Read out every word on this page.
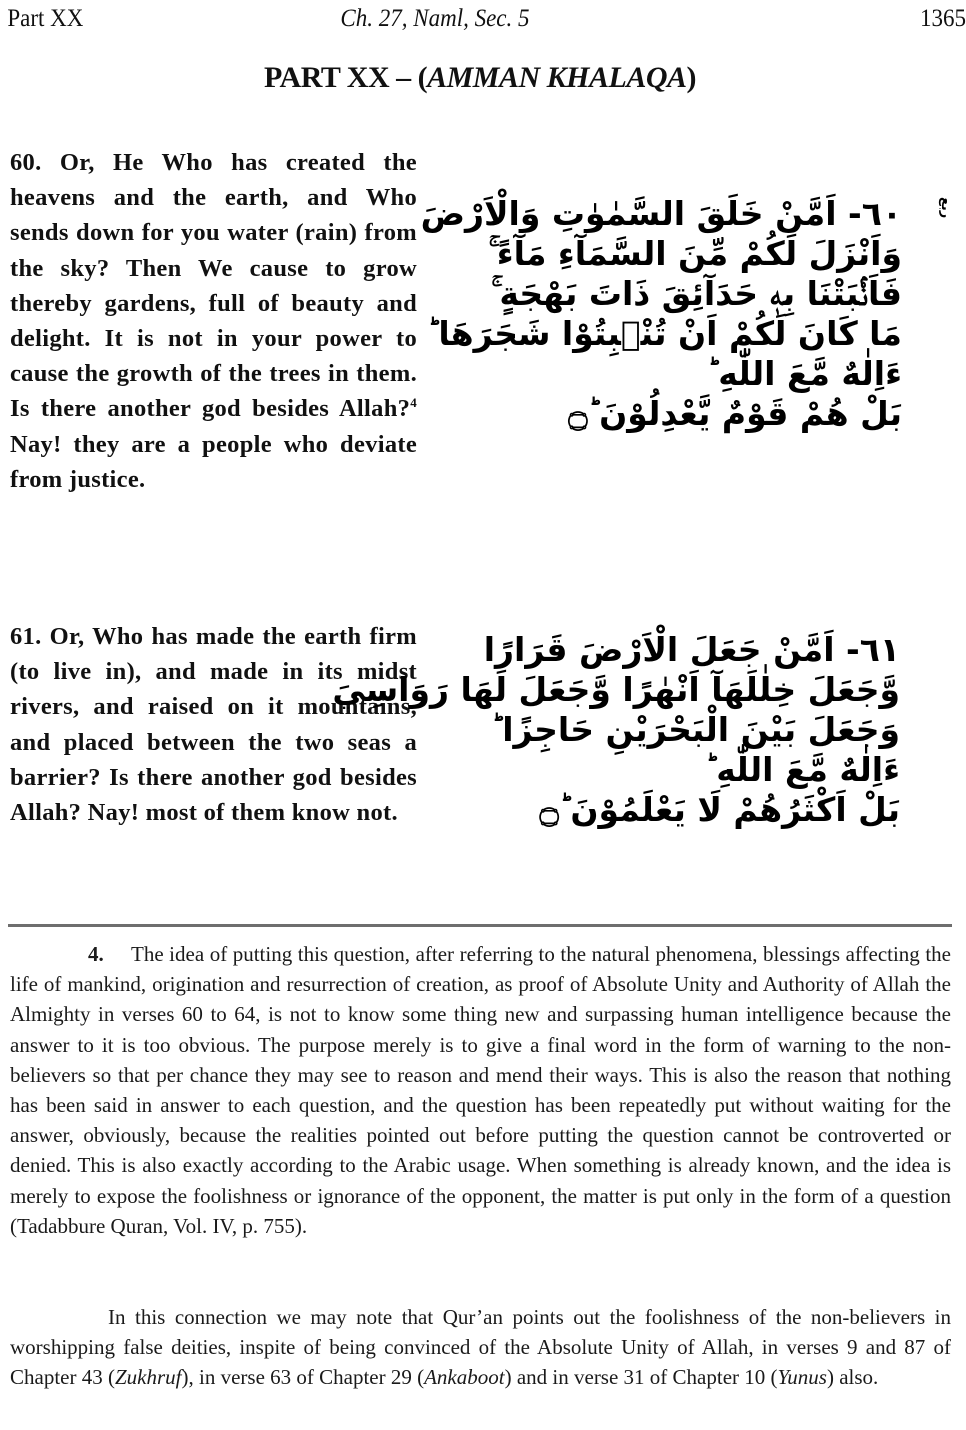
Part XX	Ch. 27, Naml, Sec. 5	1365
PART XX – (AMMAN KHALAQA)
60. Or, He Who has created the heavens and the earth, and Who sends down for you water (rain) from the sky? Then We cause to grow thereby gardens, full of beauty and delight. It is not in your power to cause the growth of the trees in them. Is there another god besides Allah?$^4$ Nay! they are a people who deviate from justice.
٦٠- اَمَّنْ خَلَقَ السَّمٰوٰتِ وَالْاَرْضَ
وَاَنْزَلَ لَكُمْ مِّنَ السَّمَآءِ مَآءً ۚ
فَاَنْۢبَتْنَا بِهٖ حَدَآئِقَ ذَاتَ بَهْجَةٍ ۚ
مَا كَانَ لَكُمْ اَنْ تُنْۢبِتُوْا شَجَرَهَا ؕ
ءَاِلٰهٌ مَّعَ اللّٰهِ ؕ
بَلْ هُمْ قَوْمٌ يَّعْدِلُوْنَ ؕ۝
ربع
61. Or, Who has made the earth firm (to live in), and made in its midst rivers, and raised on it mountains, and placed between the two seas a barrier? Is there another god besides Allah? Nay! most of them know not.
٦١- اَمَّنْ جَعَلَ الْاَرْضَ قَرَارًا
وَّجَعَلَ خِلٰلَهَآ اَنْهٰرًا وَّجَعَلَ لَهَا رَوَاسِيَ
وَجَعَلَ بَيْنَ الْبَحْرَيْنِ حَاجِزًا ؕ
ءَاِلٰهٌ مَّعَ اللّٰهِ ؕ
بَلْ اَكْثَرُهُمْ لَا يَعْلَمُوْنَ ؕ۝
4. The idea of putting this question, after referring to the natural phenomena, blessings affecting the life of mankind, origination and resurrection of creation, as proof of Absolute Unity and Authority of Allah the Almighty in verses 60 to 64, is not to know some thing new and surpassing human intelligence because the answer to it is too obvious. The purpose merely is to give a final word in the form of warning to the non-believers so that per chance they may see to reason and mend their ways. This is also the reason that nothing has been said in answer to each question, and the question has been repeatedly put without waiting for the answer, obviously, because the realities pointed out before putting the question cannot be controverted or denied. This is also exactly according to the Arabic usage. When something is already known, and the idea is merely to expose the foolishness or ignorance of the opponent, the matter is put only in the form of a question (Tadabbure Quran, Vol. IV, p. 755).
In this connection we may note that Qur’an points out the foolishness of the non-believers in worshipping false deities, inspite of being convinced of the Absolute Unity of Allah, in verses 9 and 87 of Chapter 43 (Zukhruf), in verse 63 of Chapter 29 (Ankaboot) and in verse 31 of Chapter 10 (Yunus) also.
